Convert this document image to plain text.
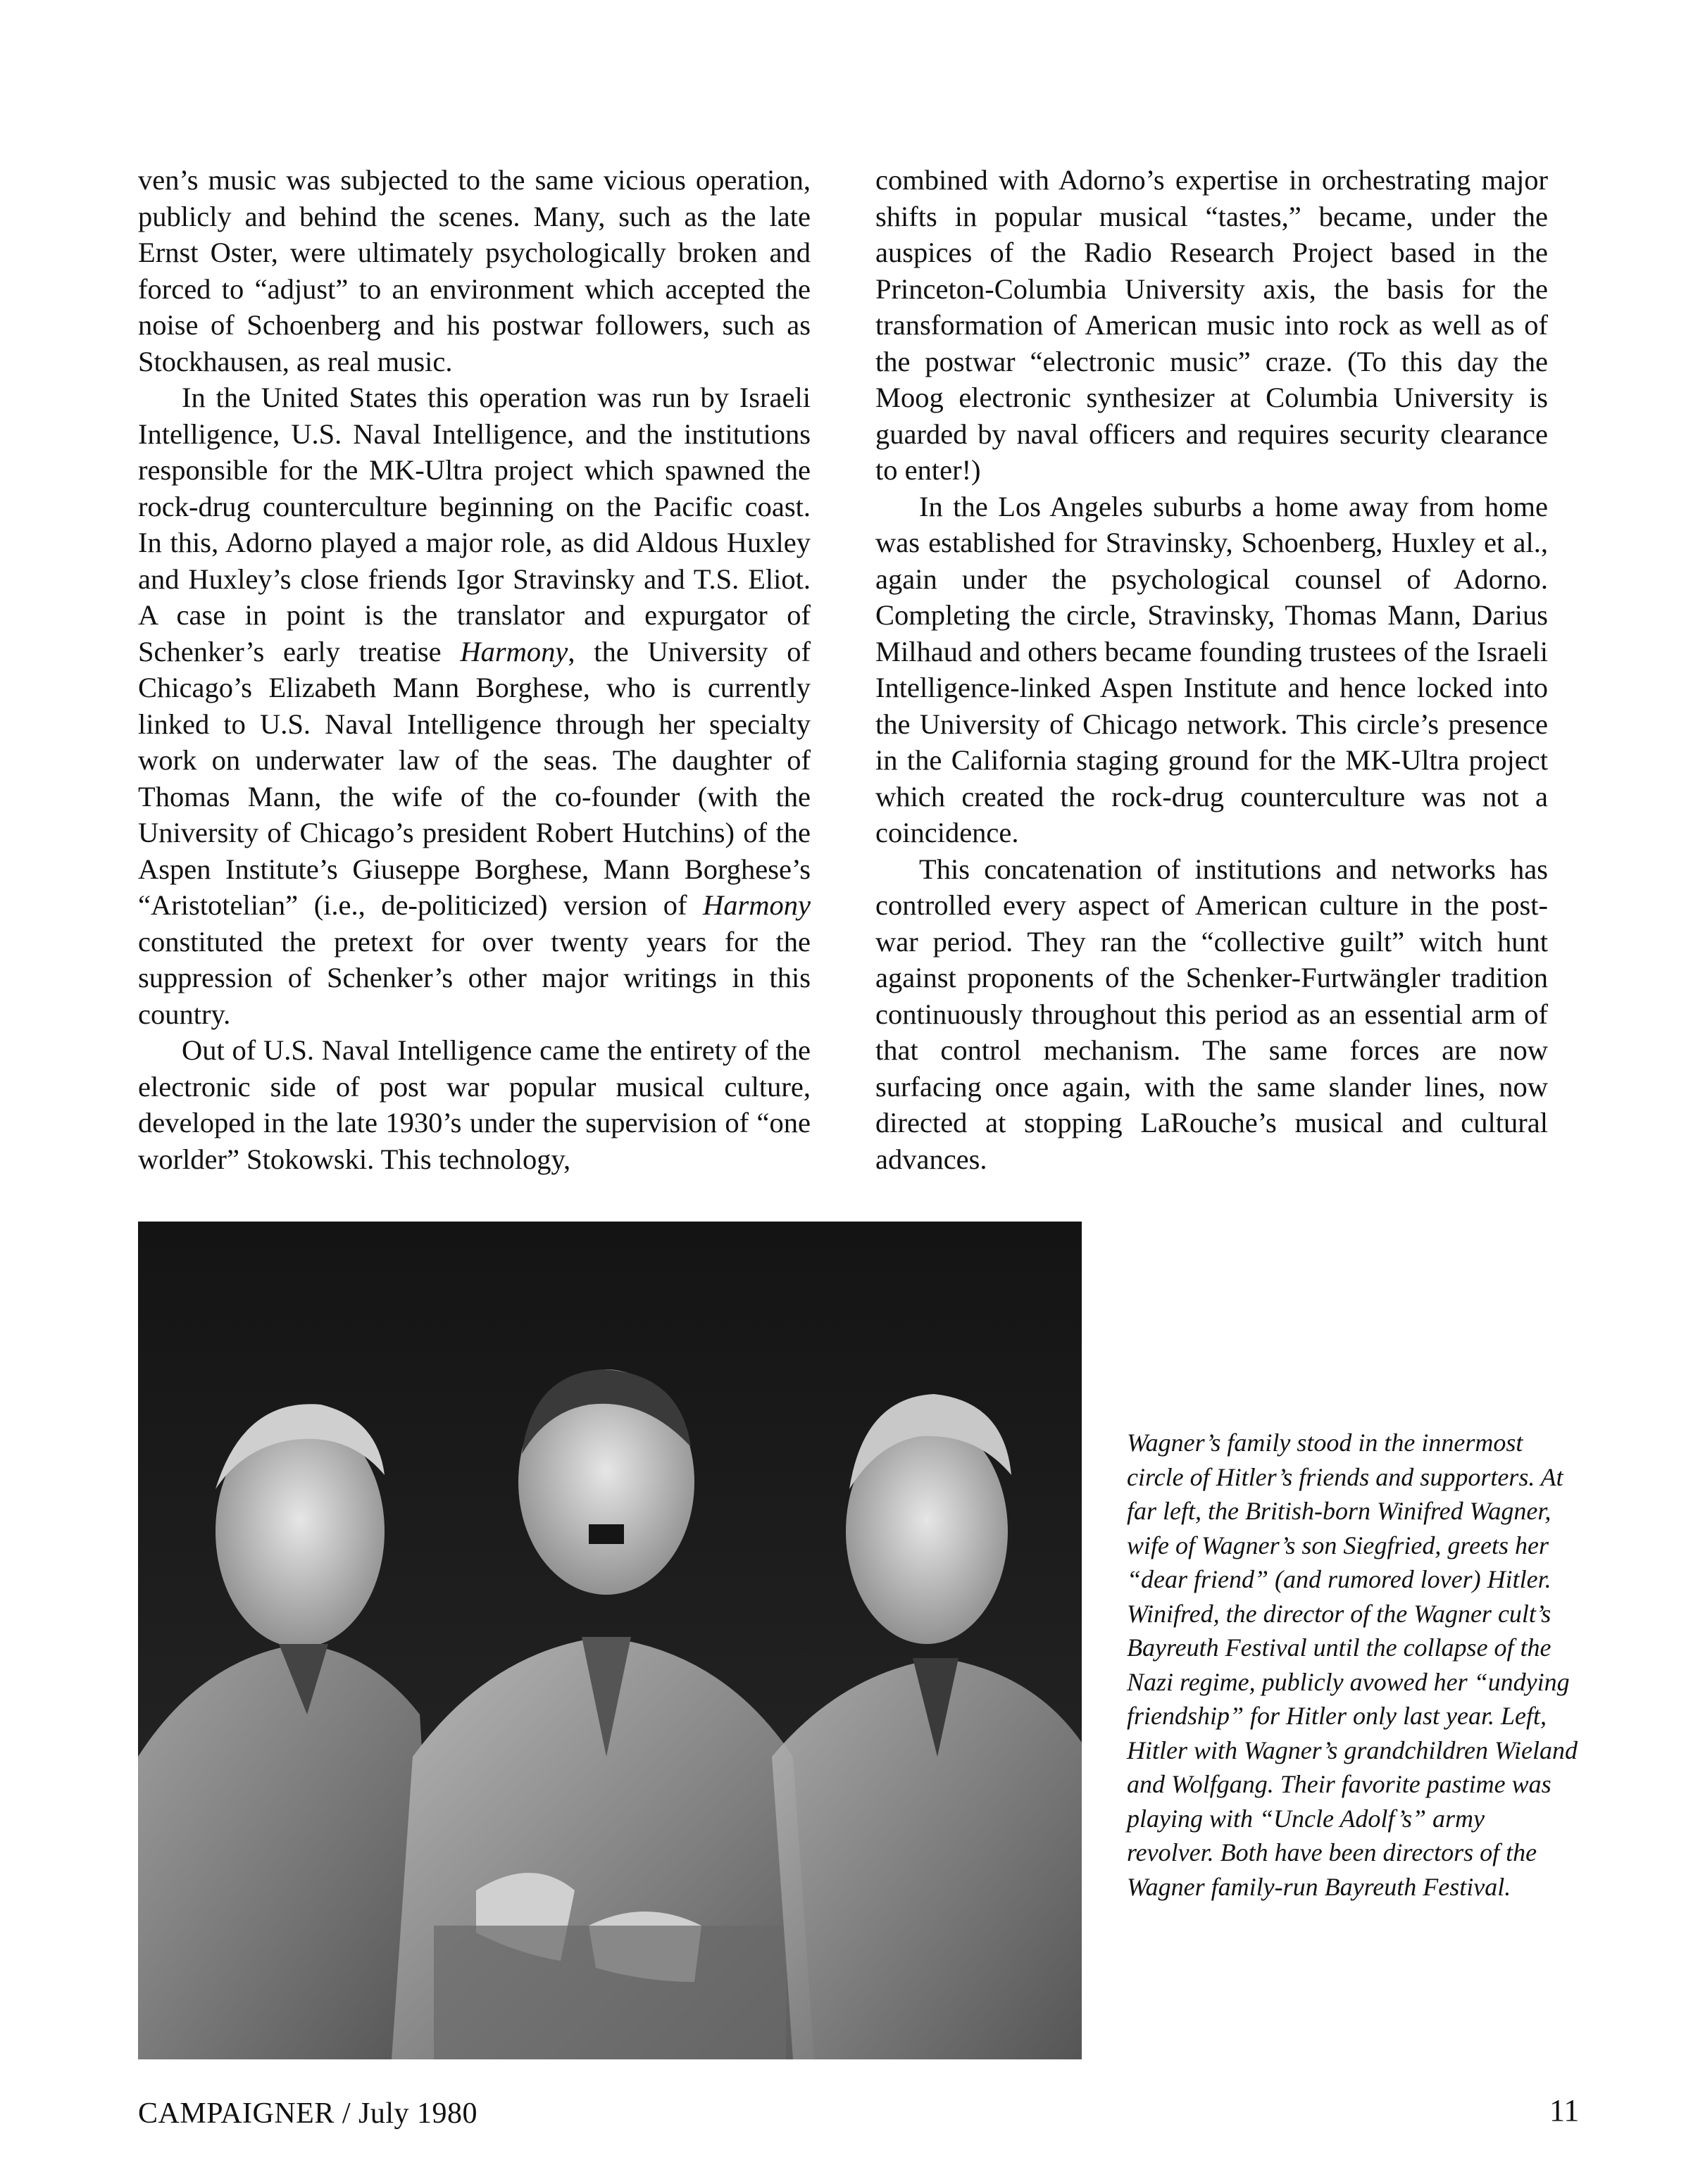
ven’s music was subjected to the same vicious operation, publicly and behind the scenes. Many, such as the late Ernst Oster, were ultimately psychologically broken and forced to “adjust” to an environment which accepted the noise of Schoenberg and his postwar followers, such as Stockhausen, as real music.

In the United States this operation was run by Israeli Intelligence, U.S. Naval Intelligence, and the institutions responsible for the MK-Ultra project which spawned the rock-drug counterculture beginning on the Pacific coast. In this, Adorno played a major role, as did Aldous Huxley and Huxley’s close friends Igor Stravinsky and T.S. Eliot. A case in point is the translator and expurgator of Schenker’s early treatise Harmony, the University of Chicago’s Elizabeth Mann Borghese, who is currently linked to U.S. Naval Intelligence through her specialty work on underwater law of the seas. The daughter of Thomas Mann, the wife of the co-founder (with the University of Chicago’s president Robert Hutchins) of the Aspen Institute’s Giuseppe Borghese, Mann Borghese’s “Aristotelian” (i.e., de-politicized) version of Harmony constituted the pretext for over twenty years for the suppression of Schenker’s other major writings in this country.

Out of U.S. Naval Intelligence came the entirety of the electronic side of post war popular musical culture, developed in the late 1930’s under the supervision of “one worlder” Stokowski. This technology,

combined with Adorno’s expertise in orchestrating major shifts in popular musical “tastes,” became, under the auspices of the Radio Research Project based in the Princeton-Columbia University axis, the basis for the transformation of American music into rock as well as of the postwar “electronic music” craze. (To this day the Moog electronic synthesizer at Columbia University is guarded by naval officers and requires security clearance to enter!)

In the Los Angeles suburbs a home away from home was established for Stravinsky, Schoenberg, Huxley et al., again under the psychological counsel of Adorno. Completing the circle, Stravinsky, Thomas Mann, Darius Milhaud and others became founding trustees of the Israeli Intelligence-linked Aspen Institute and hence locked into the University of Chicago network. This circle’s presence in the California staging ground for the MK-Ultra project which created the rock-drug counterculture was not a coincidence.

This concatenation of institutions and networks has controlled every aspect of American culture in the post-war period. They ran the “collective guilt” witch hunt against proponents of the Schenker-Furtwängler tradition continuously throughout this period as an essential arm of that control mechanism. The same forces are now surfacing once again, with the same slander lines, now directed at stopping LaRouche’s musical and cultural advances.

Wagner’s family stood in the innermost circle of Hitler’s friends and supporters. At far left, the British-born Winifred Wagner, wife of Wagner’s son Siegfried, greets her “dear friend” (and rumored lover) Hitler. Winifred, the director of the Wagner cult’s Bayreuth Festival until the collapse of the Nazi regime, publicly avowed her “undying friendship” for Hitler only last year. Left, Hitler with Wagner’s grandchildren Wieland and Wolfgang. Their favorite pastime was playing with “Uncle Adolf’s” army revolver. Both have been directors of the Wagner family-run Bayreuth Festival.

CAMPAIGNER / July 1980	11
